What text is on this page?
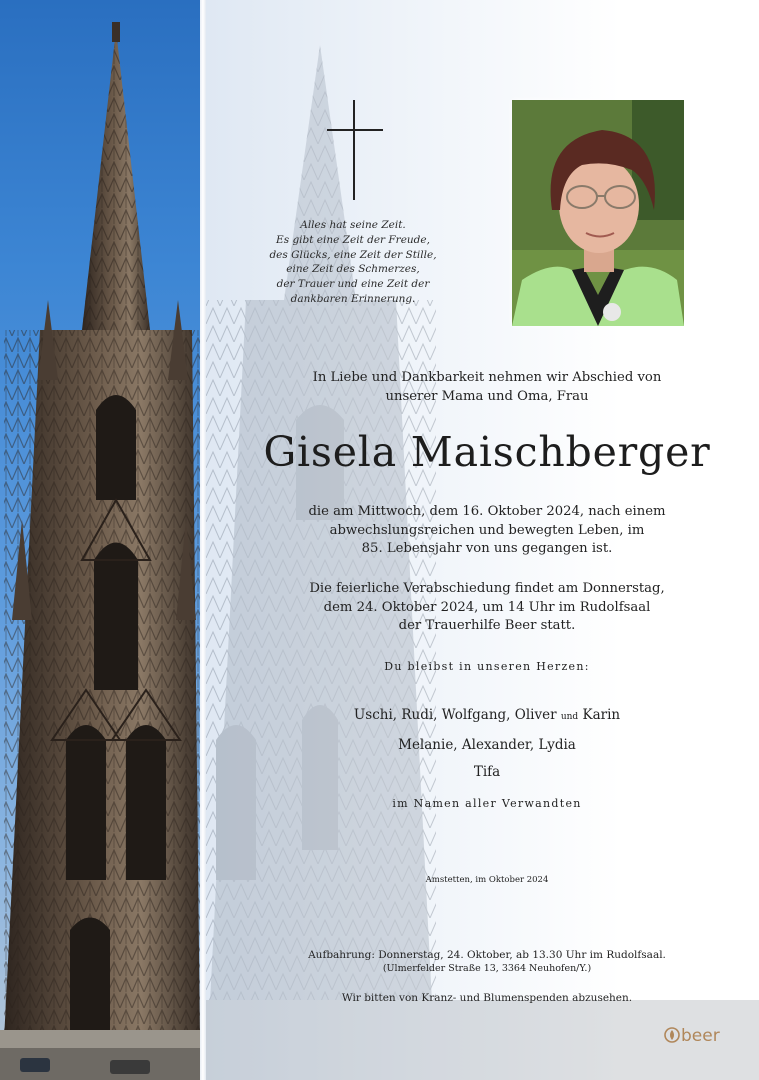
Alles hat seine Zeit.
Es gibt eine Zeit der Freude,
des Glücks, eine Zeit der Stille,
eine Zeit des Schmerzes,
der Trauer und eine Zeit der
dankbaren Erinnerung.
In Liebe und Dankbarkeit nehmen wir Abschied von
unserer Mama und Oma, Frau
Gisela Maischberger
die am Mittwoch, dem 16. Oktober 2024, nach einem
abwechslungsreichen und bewegten Leben, im
85. Lebensjahr von uns gegangen ist.
Die feierliche Verabschiedung findet am Donnerstag,
dem 24. Oktober 2024, um 14 Uhr im Rudolfsaal
der Trauerhilfe Beer statt.
Du bleibst in unseren Herzen:
Uschi, Rudi, Wolfgang, Oliver und Karin
Melanie, Alexander, Lydia
Tifa
im Namen aller Verwandten
Amstetten, im Oktober 2024
Aufbahrung: Donnerstag, 24. Oktober, ab 13.30 Uhr im Rudolfsaal.
(Ulmerfelder Straße 13, 3364 Neuhofen/Y.)
Wir bitten von Kranz- und Blumenspenden abzusehen.
beer
